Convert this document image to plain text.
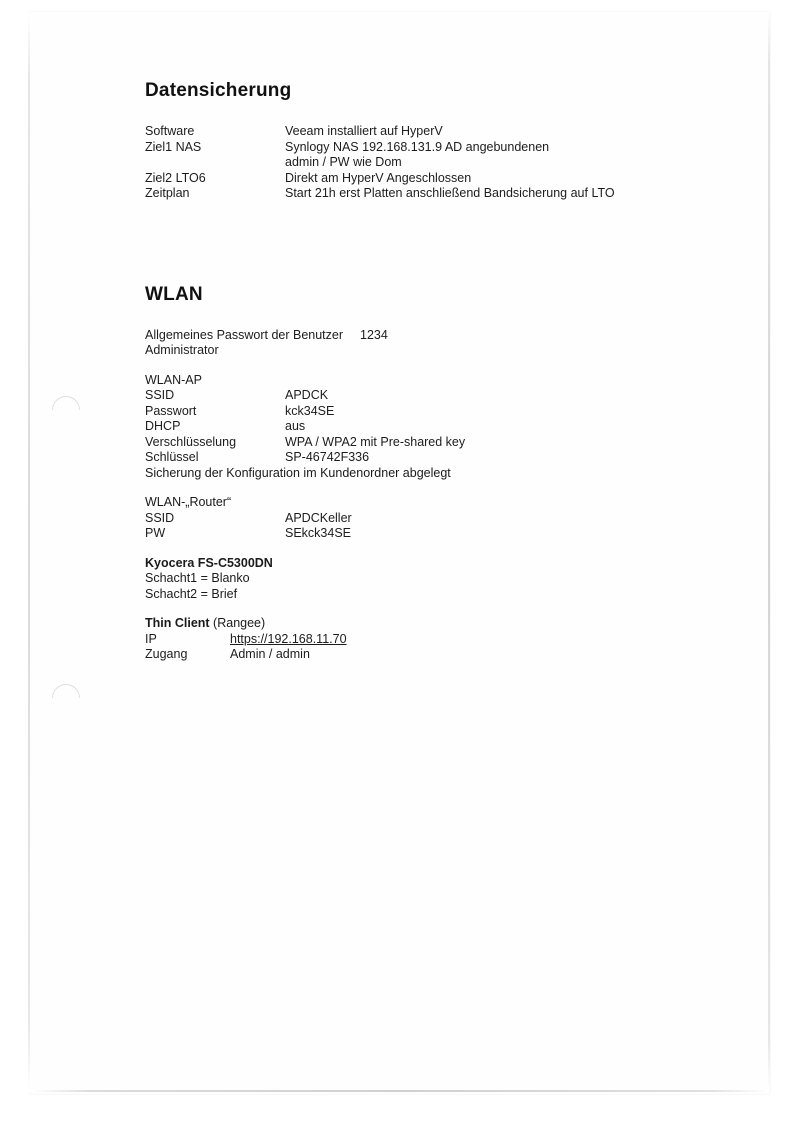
Datensicherung
Software	Veeam installiert auf HyperV
Ziel1 NAS	Synlogy NAS 192.168.131.9 AD angebundenen
admin / PW wie Dom
Ziel2 LTO6	Direkt am HyperV Angeschlossen
Zeitplan	Start 21h erst Platten anschließend Bandsicherung auf LTO
WLAN
Allgemeines Passwort der Benutzer	1234
Administrator
WLAN-AP
SSID	APDCK
Passwort	kck34SE
DHCP	aus
Verschlüsselung	WPA / WPA2 mit Pre-shared key
Schlüssel	SP-46742F336
Sicherung der Konfiguration im Kundenordner abgelegt
WLAN-„Router“
SSID	APDCKeller
PW	SEkck34SE
Kyocera FS-C5300DN
Schacht1 = Blanko
Schacht2 = Brief
Thin Client (Rangee)
IP	https://192.168.11.70
Zugang	Admin / admin
